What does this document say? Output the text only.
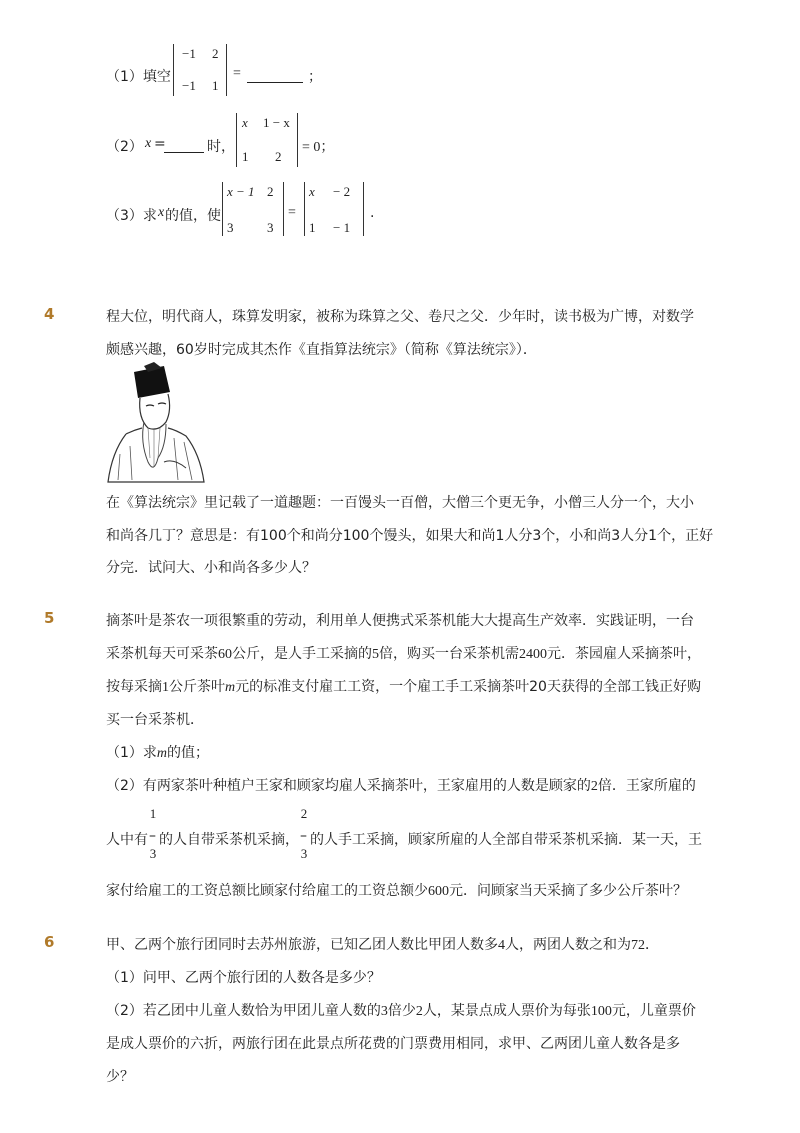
（1）填空
−1 2
−1 1
=	；
（2） x =	时，
x 1 − x
1 2
= 0；
（3）求 x 的值，使
x − 1 2
3	3
=
x − 2
1 − 1
.
4	程大位，明代商人，珠算发明家，被称为珠算之父、卷尺之父．少年时，读书极为广博，对数学
颇感兴趣，60岁时完成其杰作《直指算法统宗》（简称《算法统宗》）．
在《算法统宗》里记载了一道趣题：一百馒头一百僧，大僧三个更无争，小僧三人分一个，大小
和尚各几丁？意思是：有100个和尚分100个馒头，如果大和尚1人分3个，小和尚3人分1个，正好
分完．试问大、小和尚各多少人？
5	摘茶叶是茶农一项很繁重的劳动，利用单人便携式采茶机能大大提高生产效率．实践证明，一台
采茶机每天可采茶60公斤，是人手工采摘的5倍，购买一台采茶机需2400元．茶园雇人采摘茶叶，
按每采摘1公斤茶叶m元的标准支付雇工工资，一个雇工手工采摘茶叶20天获得的全部工钱正好购
买一台采茶机．
（1）求m的值；
（2）有两家茶叶种植户王家和顾家均雇人采摘茶叶，王家雇用的人数是顾家的2倍．王家所雇的
1
3
2
3
人中有 – 的人自带采茶机采摘， – 的人手工采摘，顾家所雇的人全部自带采茶机采摘．某一天，王
家付给雇工的工资总额比顾家付给雇工的工资总额少600元．问顾家当天采摘了多少公斤茶叶？
6	甲、乙两个旅行团同时去苏州旅游，已知乙团人数比甲团人数多4人，两团人数之和为72．
（1）问甲、乙两个旅行团的人数各是多少？
（2）若乙团中儿童人数恰为甲团儿童人数的3倍少2人，某景点成人票价为每张100元，儿童票价
是成人票价的六折，两旅行团在此景点所花费的门票费用相同，求甲、乙两团儿童人数各是多
少？
